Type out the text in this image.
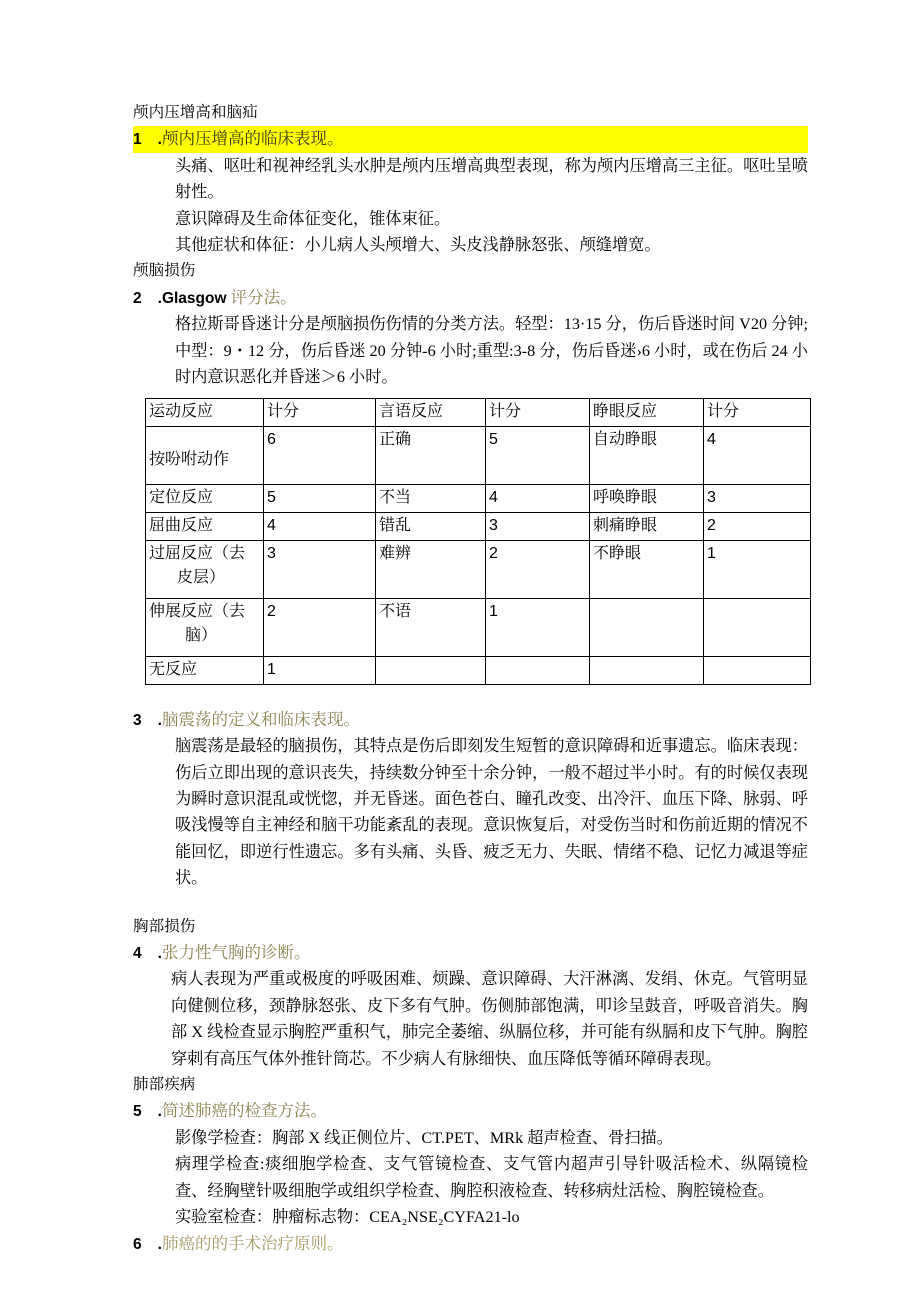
颅内压增高和脑疝
1 .颅内压增高的临床表现。
头痛、呕吐和视神经乳头水肿是颅内压增高典型表现，称为颅内压增高三主征。呕吐呈喷射性。
意识障碍及生命体征变化，锥体束征。
其他症状和体征：小儿病人头颅增大、头皮浅静脉怒张、颅缝增宽。
颅脑损伤
2 .Glasgow 评分法。
格拉斯哥昏迷计分是颅脑损伤伤情的分类方法。轻型：13·15 分，伤后昏迷时间 V20 分钟;中型：9・12 分，伤后昏迷 20 分钟-6 小时;重型:3-8 分，伤后昏迷›6 小时，或在伤后 24 小时内意识恶化并昏迷＞6 小时。
运动反应	计分	言语反应	计分	睁眼反应	计分

按吩咐动作	6	正确	5	自动睁眼	4
定位反应	5	不当	4	呼唤睁眼	3
屈曲反应	4	错乱	3	刺痛睁眼	2
过屈反应（去
皮层）	3	难辨	2	不睁眼	1
伸展反应（去
脑）	2	不语	1		
无反应	1				
3 .脑震荡的定义和临床表现。
脑震荡是最轻的脑损伤，其特点是伤后即刻发生短暂的意识障碍和近事遗忘。临床表现：伤后立即出现的意识丧失，持续数分钟至十余分钟，一般不超过半小时。有的时候仅表现为瞬时意识混乱或恍惚，并无昏迷。面色苍白、瞳孔改变、出冷汗、血压下降、脉弱、呼吸浅慢等自主神经和脑干功能紊乱的表现。意识恢复后，对受伤当时和伤前近期的情况不能回忆，即逆行性遗忘。多有头痛、头昏、疲乏无力、失眠、情绪不稳、记忆力减退等症状。
胸部损伤
4 .张力性气胸的诊断。
病人表现为严重或极度的呼吸困难、烦躁、意识障碍、大汗淋漓、发绢、休克。气管明显向健侧位移，颈静脉怒张、皮下多有气肿。伤侧肺部饱满，叩诊呈鼓音，呼吸音消失。胸部 X 线检查显示胸腔严重积气，肺完全萎缩、纵膈位移，并可能有纵膈和皮下气肿。胸腔穿刺有高压气体外推针筒芯。不少病人有脉细快、血压降低等循环障碍表现。
肺部疾病
5 .简述肺癌的检查方法。
影像学检查：胸部 X 线正侧位片、CT.PET、MRk 超声检查、骨扫描。
病理学检查:痰细胞学检查、支气管镜检查、支气管内超声引导针吸活检术、纵隔镜检查、经胸壁针吸细胞学或组织学检查、胸腔积液检查、转移病灶活检、胸腔镜检查。
实验室检查：肿瘤标志物：CEA₂NSE₂CYFA21-lo
6 .肺癌的的手术治疗原则。
